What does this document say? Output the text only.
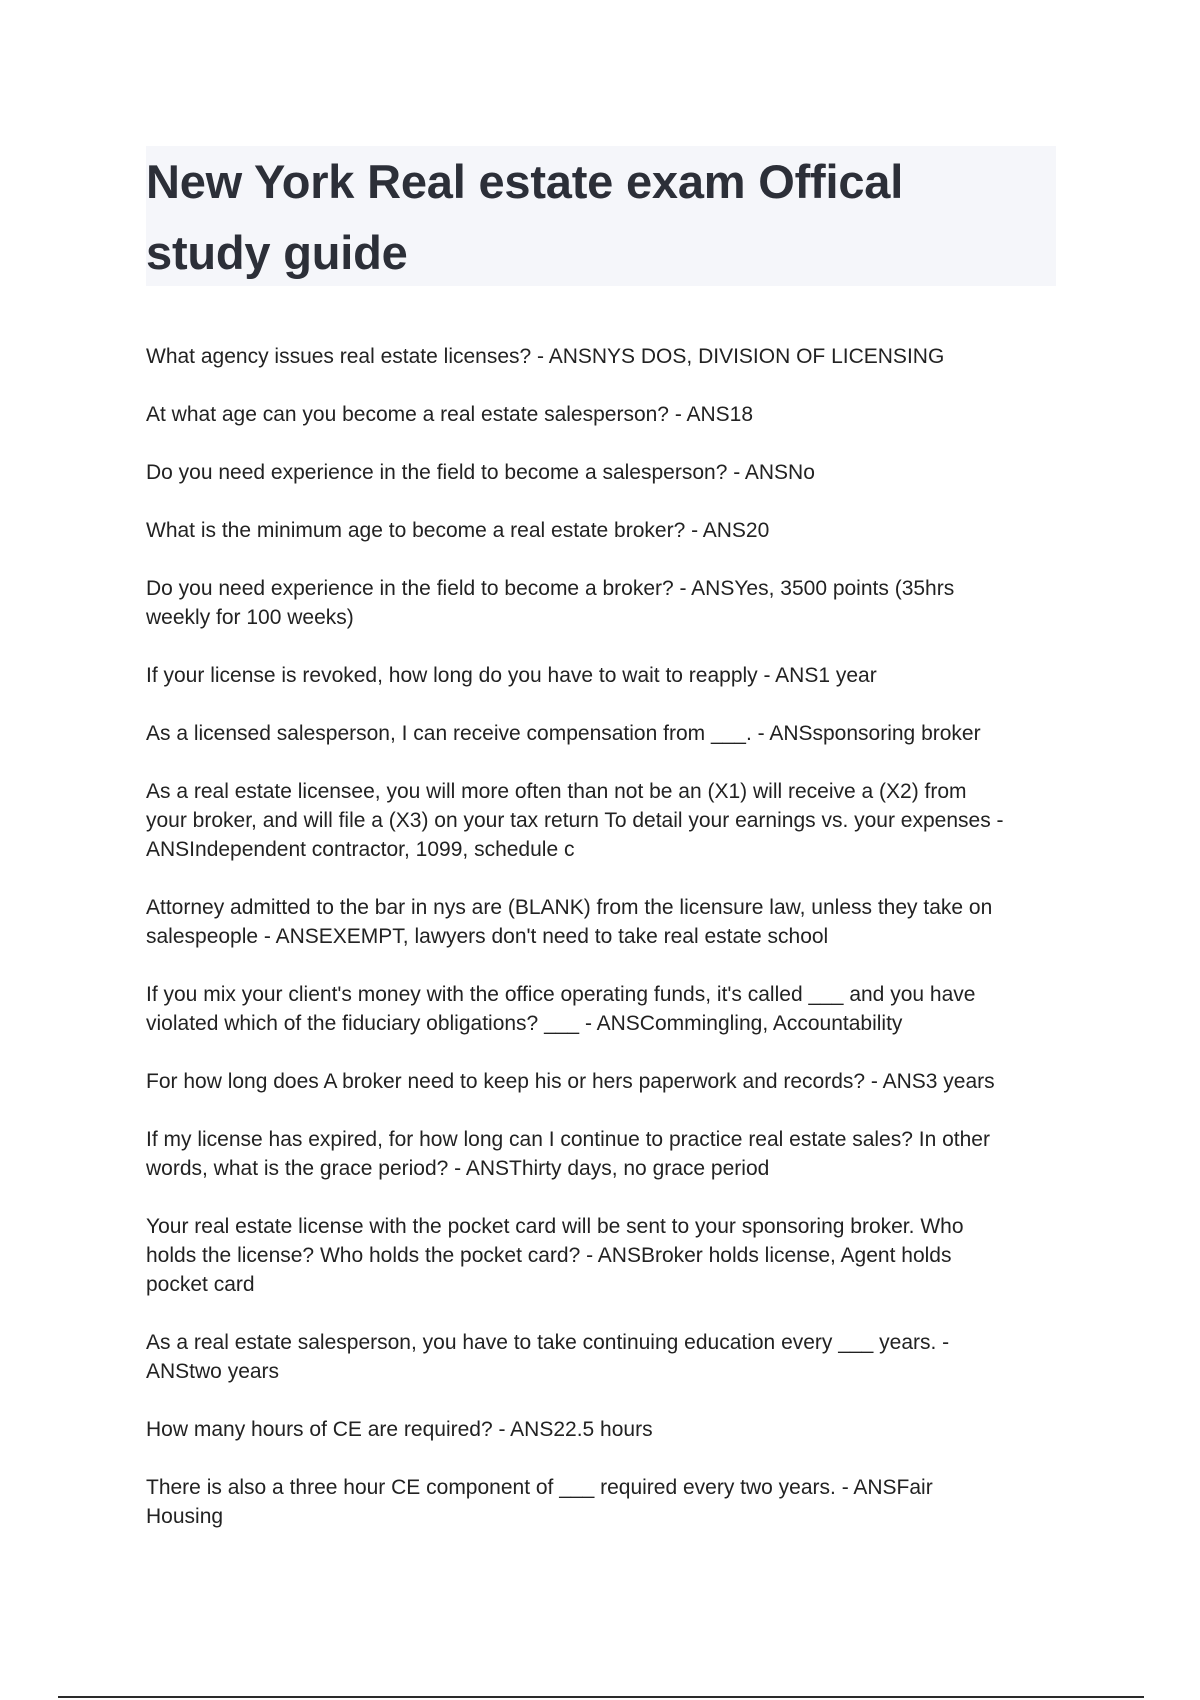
New York Real estate exam Offical
study guide
What agency issues real estate licenses? - ANSNYS DOS, DIVISION OF LICENSING
At what age can you become a real estate salesperson? - ANS18
Do you need experience in the field to become a salesperson? - ANSNo
What is the minimum age to become a real estate broker? - ANS20
Do you need experience in the field to become a broker? - ANSYes, 3500 points (35hrs
weekly for 100 weeks)
If your license is revoked, how long do you have to wait to reapply - ANS1 year
As a licensed salesperson, I can receive compensation from ___. - ANSsponsoring broker
As a real estate licensee, you will more often than not be an (X1) will receive a (X2) from
your broker, and will file a (X3) on your tax return To detail your earnings vs. your expenses -
ANSIndependent contractor, 1099, schedule c
Attorney admitted to the bar in nys are (BLANK) from the licensure law, unless they take on
salespeople - ANSEXEMPT, lawyers don't need to take real estate school
If you mix your client's money with the office operating funds, it's called ___ and you have
violated which of the fiduciary obligations? ___ - ANSCommingling, Accountability
For how long does A broker need to keep his or hers paperwork and records? - ANS3 years
If my license has expired, for how long can I continue to practice real estate sales? In other
words, what is the grace period? - ANSThirty days, no grace period
Your real estate license with the pocket card will be sent to your sponsoring broker. Who
holds the license? Who holds the pocket card? - ANSBroker holds license, Agent holds
pocket card
As a real estate salesperson, you have to take continuing education every ___ years. -
ANStwo years
How many hours of CE are required? - ANS22.5 hours
There is also a three hour CE component of ___ required every two years. - ANSFair
Housing
